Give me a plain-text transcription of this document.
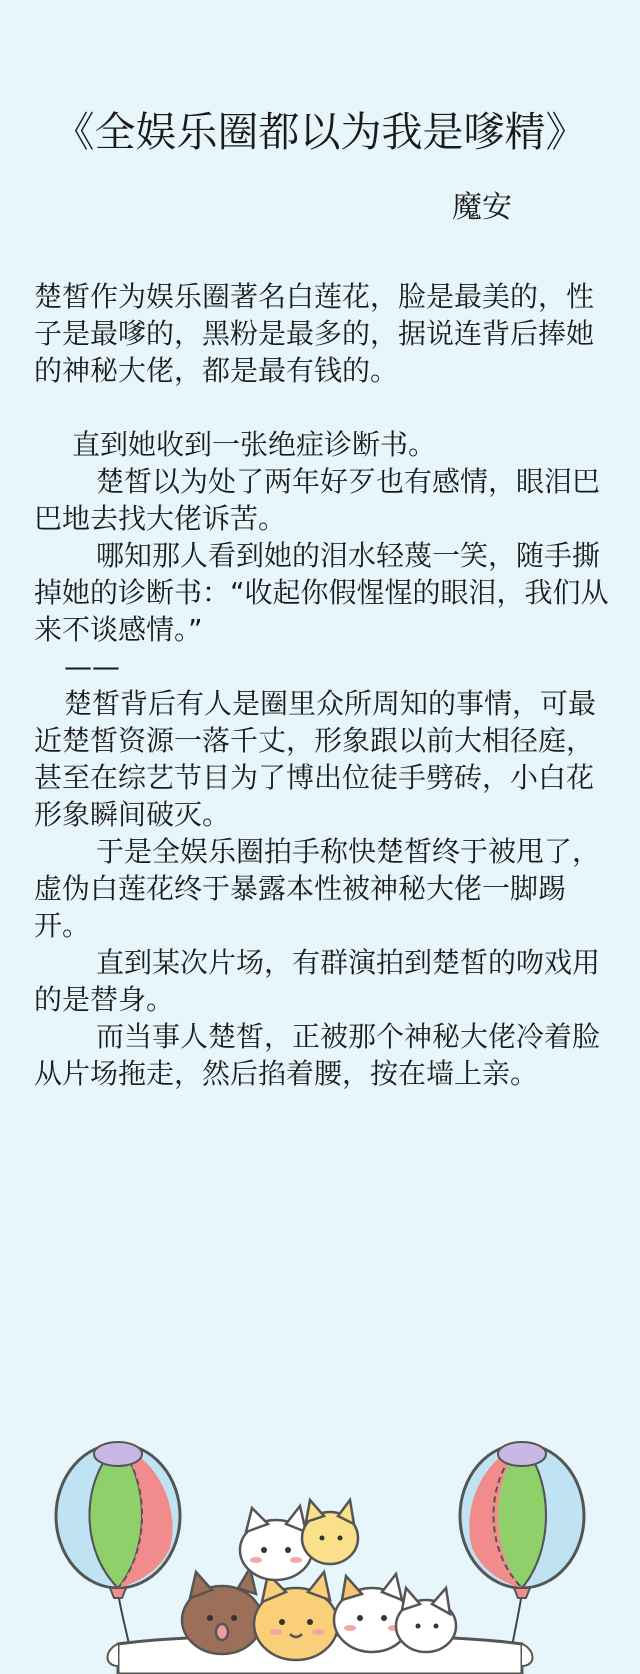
《全娱乐圈都以为我是嗲精》
魔安

楚皙作为娱乐圈著名白莲花，脸是最美的，性子是最嗲的，黑粉是最多的，据说连背后捧她的神秘大佬，都是最有钱的。

直到她收到一张绝症诊断书。

楚皙以为处了两年好歹也有感情，眼泪巴巴地去找大佬诉苦。

哪知那人看到她的泪水轻蔑一笑，随手撕掉她的诊断书：“收起你假惺惺的眼泪，我们从来不谈感情。”

——

楚皙背后有人是圈里众所周知的事情，可最近楚皙资源一落千丈，形象跟以前大相径庭，甚至在综艺节目为了博出位徒手劈砖，小白花形象瞬间破灭。

于是全娱乐圈拍手称快楚皙终于被甩了，虚伪白莲花终于暴露本性被神秘大佬一脚踢开。

直到某次片场，有群演拍到楚皙的吻戏用的是替身。

而当事人楚皙，正被那个神秘大佬冷着脸从片场拖走，然后掐着腰，按在墙上亲。
